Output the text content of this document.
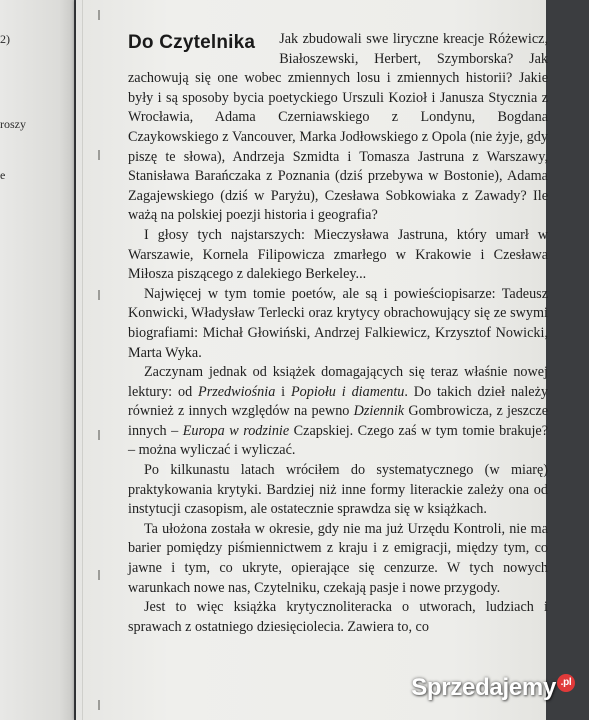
2)
roszy
e
Do Czytelnika	Jak zbudowali swe liryczne kreacje Różewicz, Białoszewski, Herbert, Szymborska? Jak zachowują się one wobec zmiennych losu i zmiennych historii? Jakie były i są sposoby bycia poetyckiego Urszuli Kozioł i Janusza Stycznia z Wrocławia, Adama Czerniawskiego z Londynu, Bogdana Czaykowskiego z Vancouver, Marka Jodłowskiego z Opola (nie żyje, gdy piszę te słowa), Andrzeja Szmidta i Tomasza Jastruna z Warszawy, Stanisława Barańczaka z Poznania (dziś przebywa w Bostonie), Adama Zagajewskiego (dziś w Paryżu), Czesława Sobkowiaka z Zawady? Ile ważą na polskiej poezji historia i geografia?

I głosy tych najstarszych: Mieczysława Jastruna, który umarł w Warszawie, Kornela Filipowicza zmarłego w Krakowie i Czesława Miłosza piszącego z dalekiego Berkeley...

Najwięcej w tym tomie poetów, ale są i powieściopisarze: Tadeusz Konwicki, Władysław Terlecki oraz krytycy obrachowujący się ze swymi biografiami: Michał Głowiński, Andrzej Falkiewicz, Krzysztof Nowicki, Marta Wyka.

Zaczynam jednak od książek domagających się teraz właśnie nowej lektury: od Przedwiośnia i Popiołu i diamentu. Do takich dzieł należy również z innych względów na pewno Dziennik Gombrowicza, z jeszcze innych – Europa w rodzinie Czapskiej. Czego zaś w tym tomie brakuje? – można wyliczać i wyliczać.

Po kilkunastu latach wróciłem do systematycznego (w miarę) praktykowania krytyki. Bardziej niż inne formy literackie zależy ona od instytucji czasopism, ale ostatecznie sprawdza się w książkach.

Ta ułożona została w okresie, gdy nie ma już Urzędu Kontroli, nie ma barier pomiędzy piśmiennictwem z kraju i z emigracji, między tym, co jawne i tym, co ukryte, opierające się cenzurze. W tych nowych warunkach nowe nas, Czytelniku, czekają pasje i nowe przygody.

Jest to więc książka krytycznoliteracka o utworach, ludziach i sprawach z ostatniego dziesięciolecia. Zawiera to, co

Sprzedajemy .pl
